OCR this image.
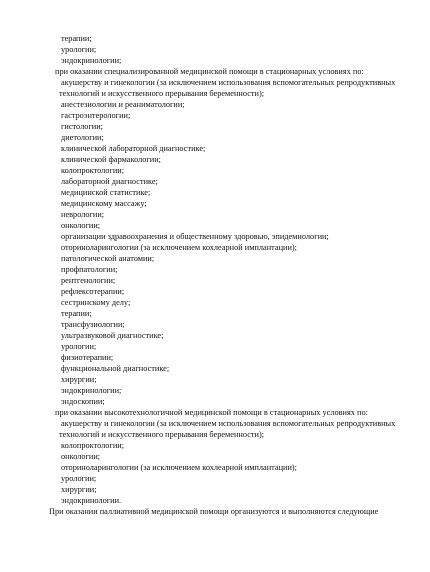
терапии;
урологии;
эндокринологии;
при оказании специализированной медицинской помощи в стационарных условиях по:
акушерству и гинекологии (за исключением использования вспомогательных репродуктивных
технологий и искусственного прерывания беременности);
анестезиологии и реаниматологии;
гастроэнтерологии;
гистологии;
диетологии;
клинической лабораторной диагностике;
клинической фармакологии;
колопроктологии;
лабораторной диагностике;
медицинской статистике;
медицинскому массажу;
неврологии;
онкологии;
организации здравоохранения и общественному здоровью, эпидемиологии;
оториноларингологии (за исключением кохлеарной имплантации);
патологической анатомии;
профпатологии;
рентгенологии;
рефлексотерапии;
сестринскому делу;
терапии;
трансфузиологии;
ультразвуковой диагностике;
урологии;
физиотерапии;
функциональной диагностике;
хирургии;
эндокринологии;
эндоскопии;
при оказании высокотехнологичной медицинской помощи в стационарных условиях по:
акушерству и гинекологии (за исключением использования вспомогательных репродуктивных
технологий и искусственного прерывания беременности);
колопроктологии;
онкологии;
оториноларингологии (за исключением кохлеарной имплантации);
урологии;
хирургии;
эндокринологии.
При оказании паллиативной медицинской помощи организуются и выполняются следующие
